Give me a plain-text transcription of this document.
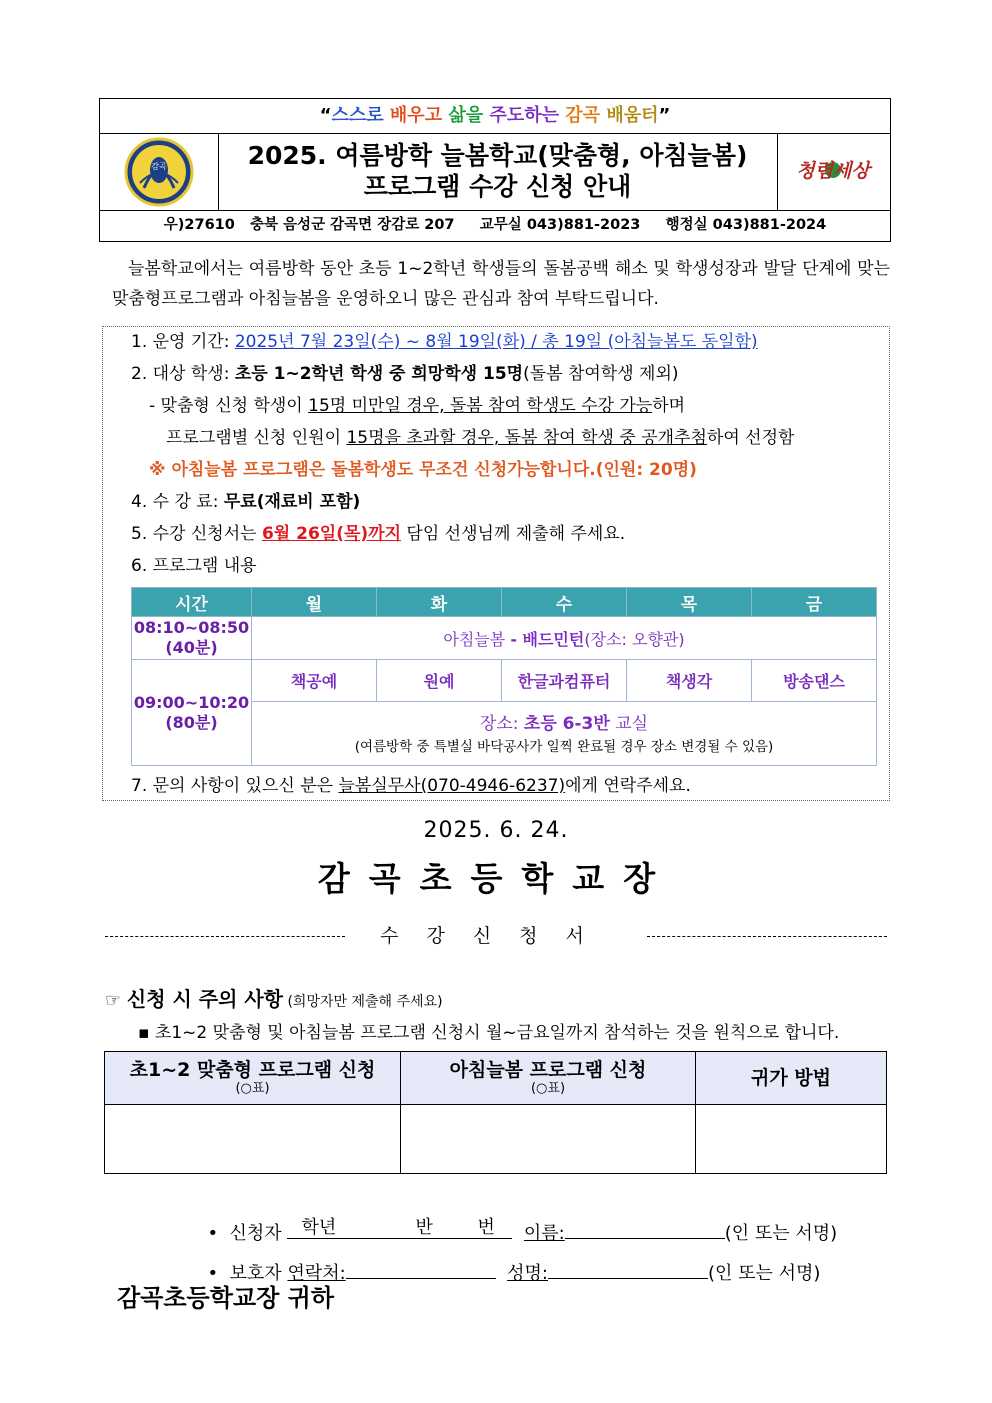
“스스로 배우고 삶을 주도하는 감곡 배움터”
감곡	2025. 여름방학 늘봄학교(맞춤형, 아침늘봄)
프로그램 수강 신청 안내
청렴세상
우)27610   충북 음성군 감곡면 장감로 207     교무실 043)881-2023     행정실 043)881-2024

늘봄학교에서는 여름방학 동안 초등 1~2학년 학생들의 돌봄공백 해소 및 학생성장과 발달 단계에 맞는 맞춤형프로그램과 아침늘봄을 운영하오니 많은 관심과 참여 부탁드립니다.

1. 운영 기간: 2025년 7월 23일(수) ~ 8월 19일(화) / 총 19일 (아침늘봄도 동일함)
2. 대상 학생: 초등 1~2학년 학생 중 희망학생 15명(돌봄 참여학생 제외)
- 맞춤형 신청 학생이 15명 미만일 경우, 돌봄 참여 학생도 수강 가능하며
프로그램별 신청 인원이 15명을 초과할 경우, 돌봄 참여 학생 중 공개추첨하여 선정함
※ 아침늘봄 프로그램은 돌봄학생도 무조건 신청가능합니다.(인원: 20명)
4. 수 강 료: 무료(재료비 포함)
5. 수강 신청서는 6월 26일(목)까지 담임 선생님께 제출해 주세요.
6. 프로그램 내용
시간	월	화	수	목	금

08:10~08:50
(40분)	아침늘봄 - 배드민턴(장소: 오향관)				

09:00~10:20
(80분)	책공예	원예	한글과컴퓨터	책생각	방송댄스

	장소: 초등 6-3반 교실
(여름방학 중 특별실 바닥공사가 일찍 완료될 경우 장소 변경될 수 있음)				
7. 문의 사항이 있으신 분은 늘봄실무사(070-4946-6237)에게 연락주세요.
2025. 6. 24.
감곡초등학교장
수강신청서
☞ 신청 시 주의 사항 (희망자만 제출해 주세요)
▪ 초1~2 맞춤형 및 아침늘봄 프로그램 신청시 월~금요일까지 참석하는 것을 원칙으로 합니다.
초1~2 맞춤형 프로그램 신청
(○표)	아침늘봄 프로그램 신청
(○표)	귀가 방법

• 신청자 학년	반 번 이름:	(인 또는 서명)

• 보호자 연락처:	성명:	(인 또는 서명)

감곡초등학교장 귀하
